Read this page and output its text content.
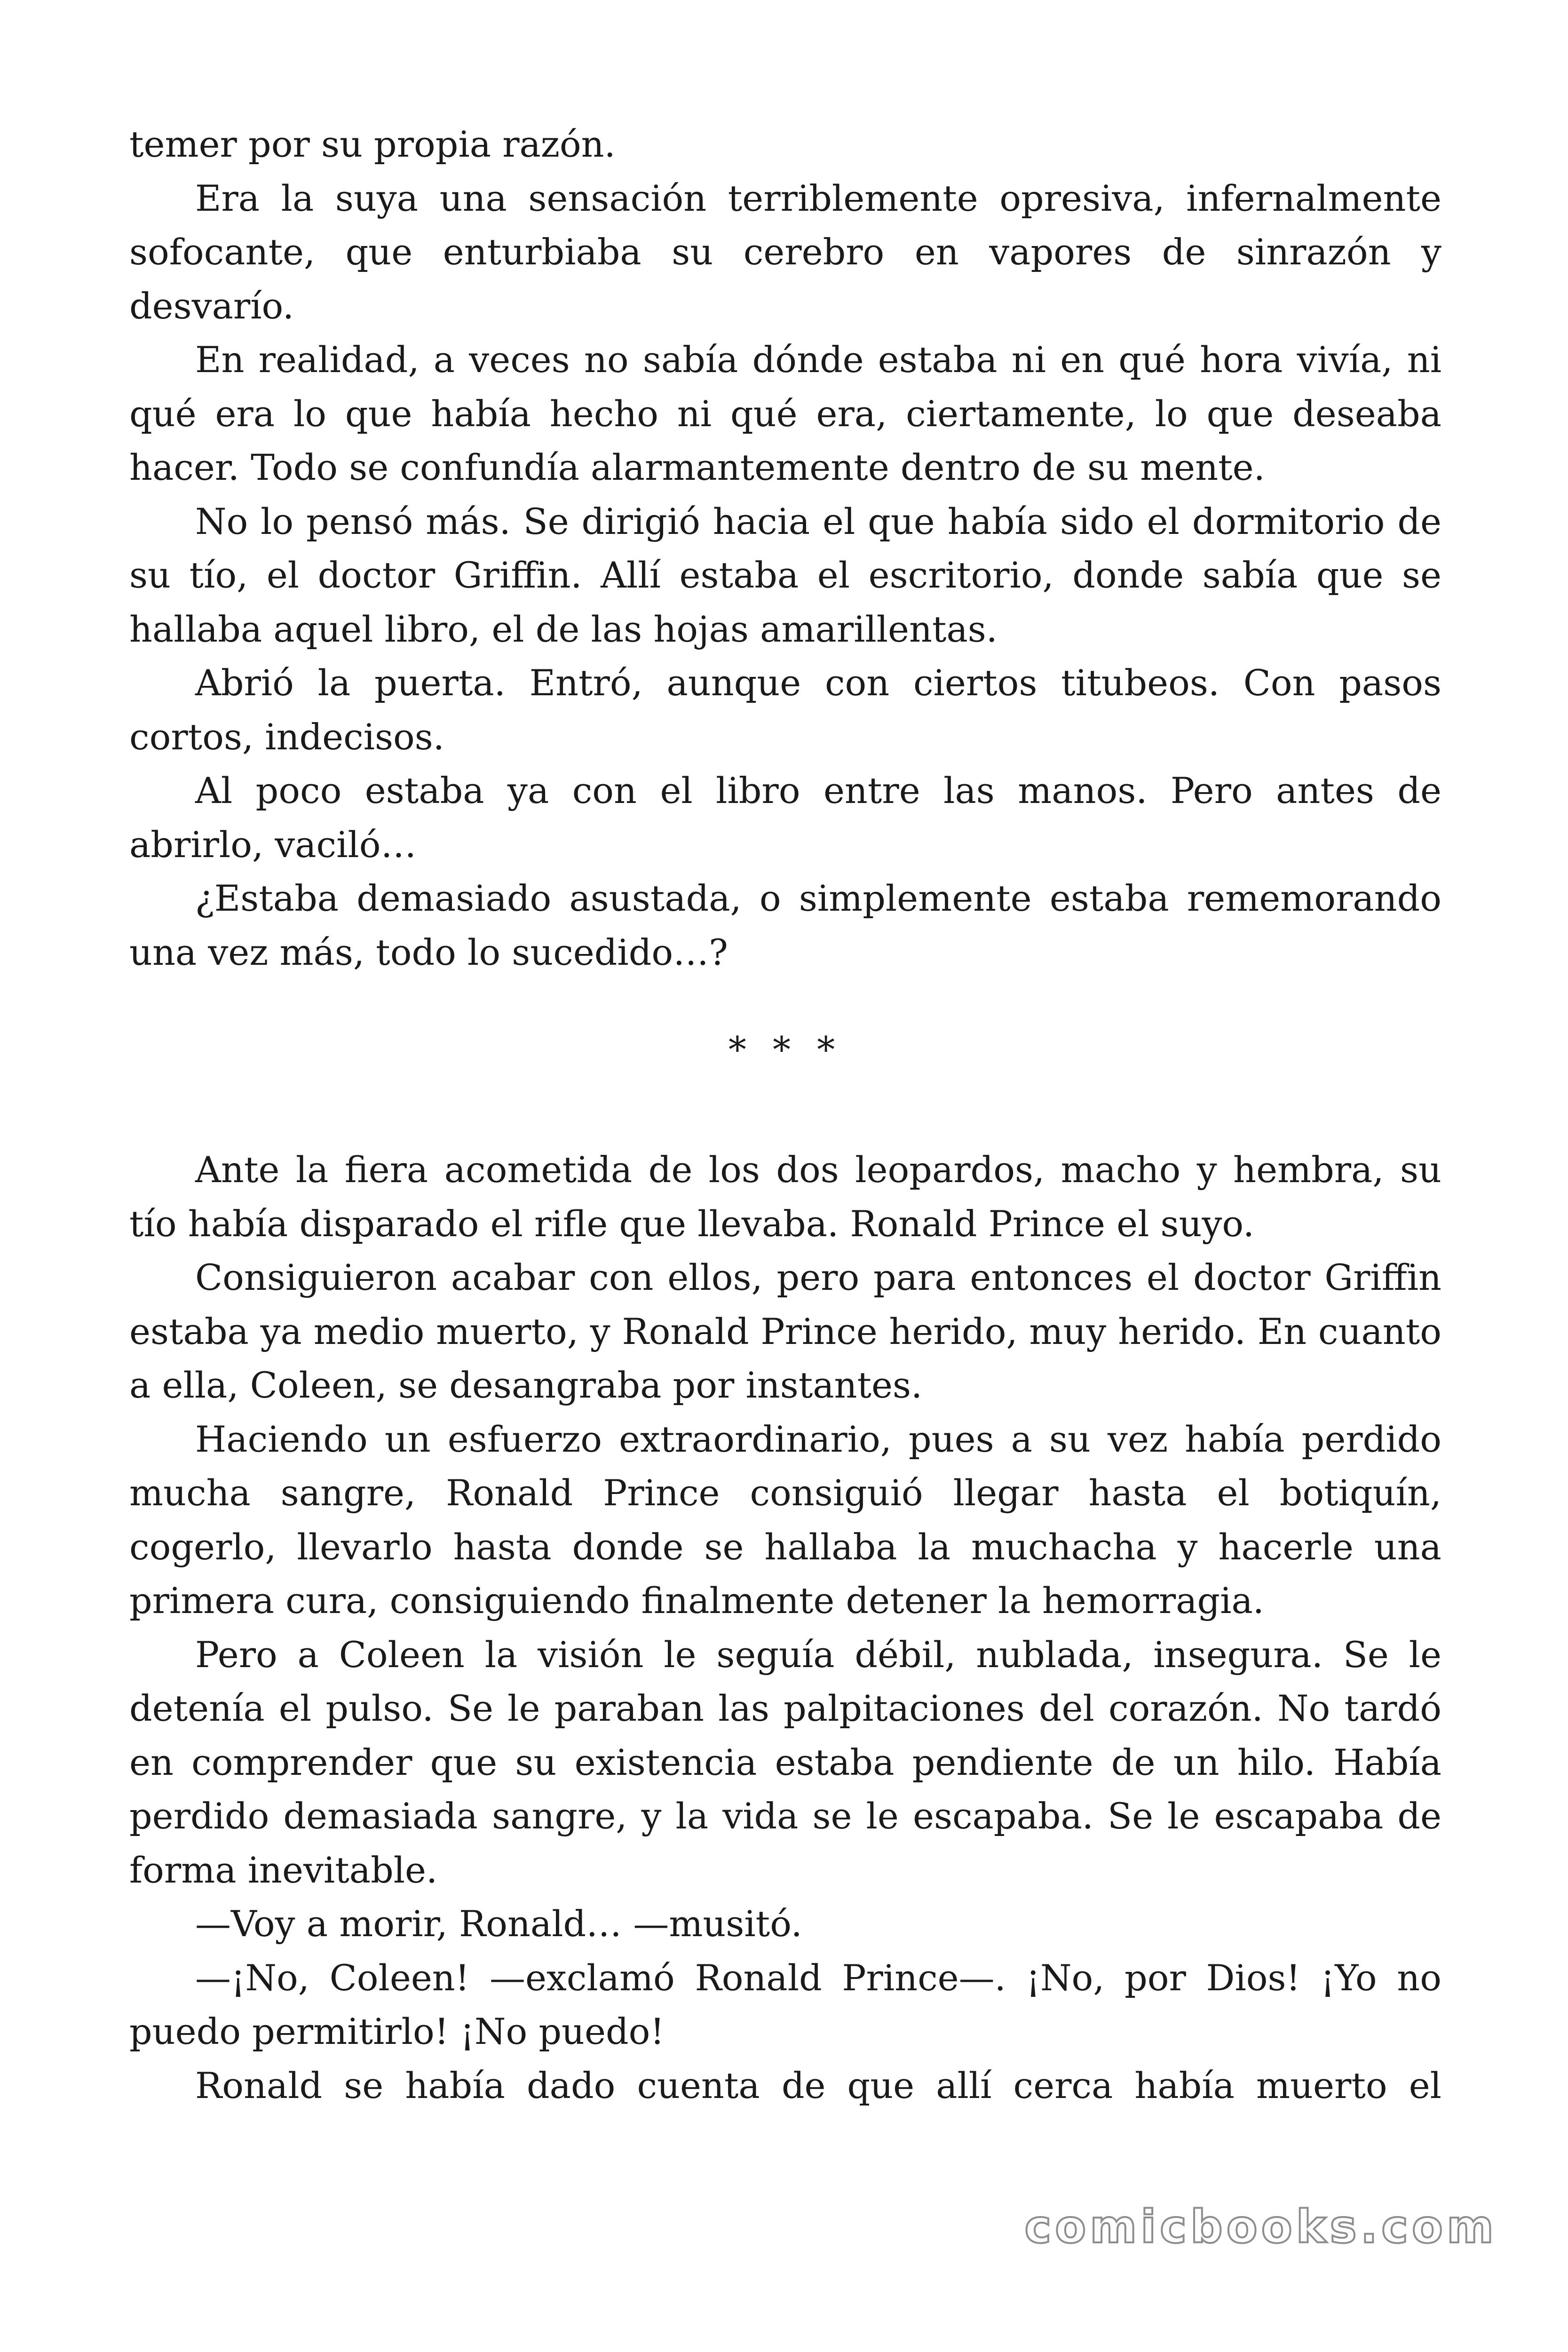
temer por su propia razón.

Era la suya una sensación terriblemente opresiva, infernalmente sofocante, que enturbiaba su cerebro en vapores de sinrazón y desvarío.

En realidad, a veces no sabía dónde estaba ni en qué hora vivía, ni qué era lo que había hecho ni qué era, ciertamente, lo que deseaba hacer. Todo se confundía alarmantemente dentro de su mente.

No lo pensó más. Se dirigió hacia el que había sido el dormitorio de su tío, el doctor Griffin. Allí estaba el escritorio, donde sabía que se hallaba aquel libro, el de las hojas amarillentas.

Abrió la puerta. Entró, aunque con ciertos titubeos. Con pasos cortos, indecisos.

Al poco estaba ya con el libro entre las manos. Pero antes de abrirlo, vaciló…

¿Estaba demasiado asustada, o simplemente estaba rememorando una vez más, todo lo sucedido…?

* * *

Ante la fiera acometida de los dos leopardos, macho y hembra, su tío había disparado el rifle que llevaba. Ronald Prince el suyo.

Consiguieron acabar con ellos, pero para entonces el doctor Griffin estaba ya medio muerto, y Ronald Prince herido, muy herido. En cuanto a ella, Coleen, se desangraba por instantes.

Haciendo un esfuerzo extraordinario, pues a su vez había perdido mucha sangre, Ronald Prince consiguió llegar hasta el botiquín, cogerlo, llevarlo hasta donde se hallaba la muchacha y hacerle una primera cura, consiguiendo finalmente detener la hemorragia.

Pero a Coleen la visión le seguía débil, nublada, insegura. Se le detenía el pulso. Se le paraban las palpitaciones del corazón. No tardó en comprender que su existencia estaba pendiente de un hilo. Había perdido demasiada sangre, y la vida se le escapaba. Se le escapaba de forma inevitable.

—Voy a morir, Ronald… —musitó.

—¡No, Coleen! —exclamó Ronald Prince—. ¡No, por Dios! ¡Yo no puedo permitirlo! ¡No puedo!

Ronald se había dado cuenta de que allí cerca había muerto el

comicbooks.com
